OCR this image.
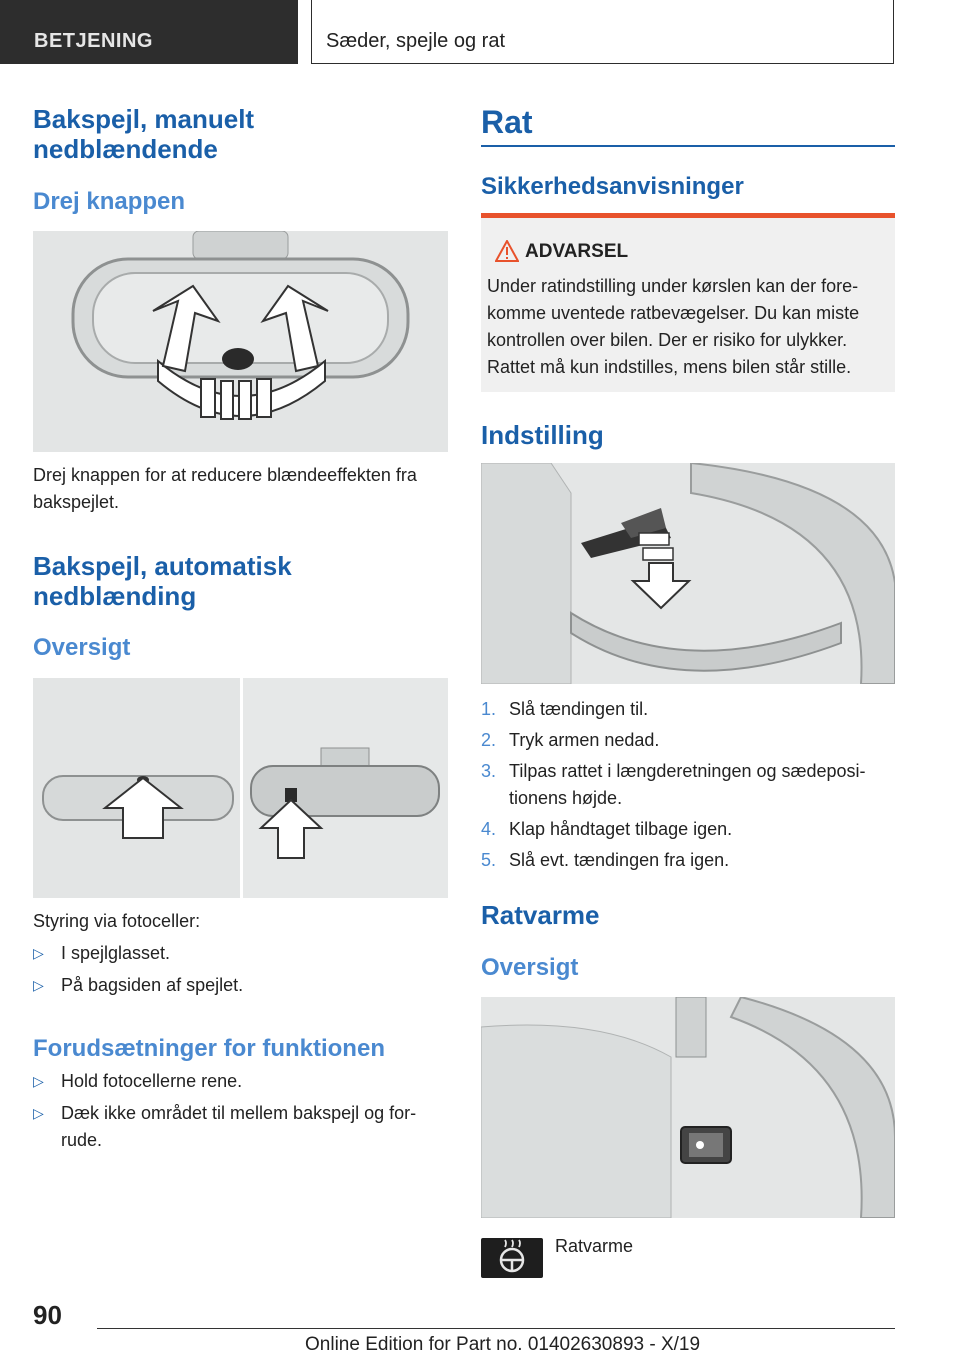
BETJENING	Sæder, spejle og rat
Bakspejl, manuelt nedblændende
Drej knappen

Drej knappen for at reducere blændeeffekten fra bakspejlet.

Bakspejl, automatisk nedblænding
Oversigt

Styring via fotoceller:

▷ I spejlglasset.
▷ På bagsiden af spejlet.
Forudsætninger for funktionen
▷ Hold fotocellerne rene.
▷ Dæk ikke området til mellem bakspejl og for-rude.
Rat
Sikkerhedsanvisninger
ADVARSEL

Under ratindstilling under kørslen kan der fore-komme uventede ratbevægelser. Du kan miste kontrollen over bilen. Der er risiko for ulykker. Rattet må kun indstilles, mens bilen står stille.

Indstilling
1. Slå tændingen til.
2. Tryk armen nedad.
3. Tilpas rattet i længderetningen og sædeposi-tionens højde.
4. Klap håndtaget tilbage igen.
5. Slå evt. tændingen fra igen.
Ratvarme
Oversigt
Ratvarme
90
Online Edition for Part no. 01402630893 - X/19
